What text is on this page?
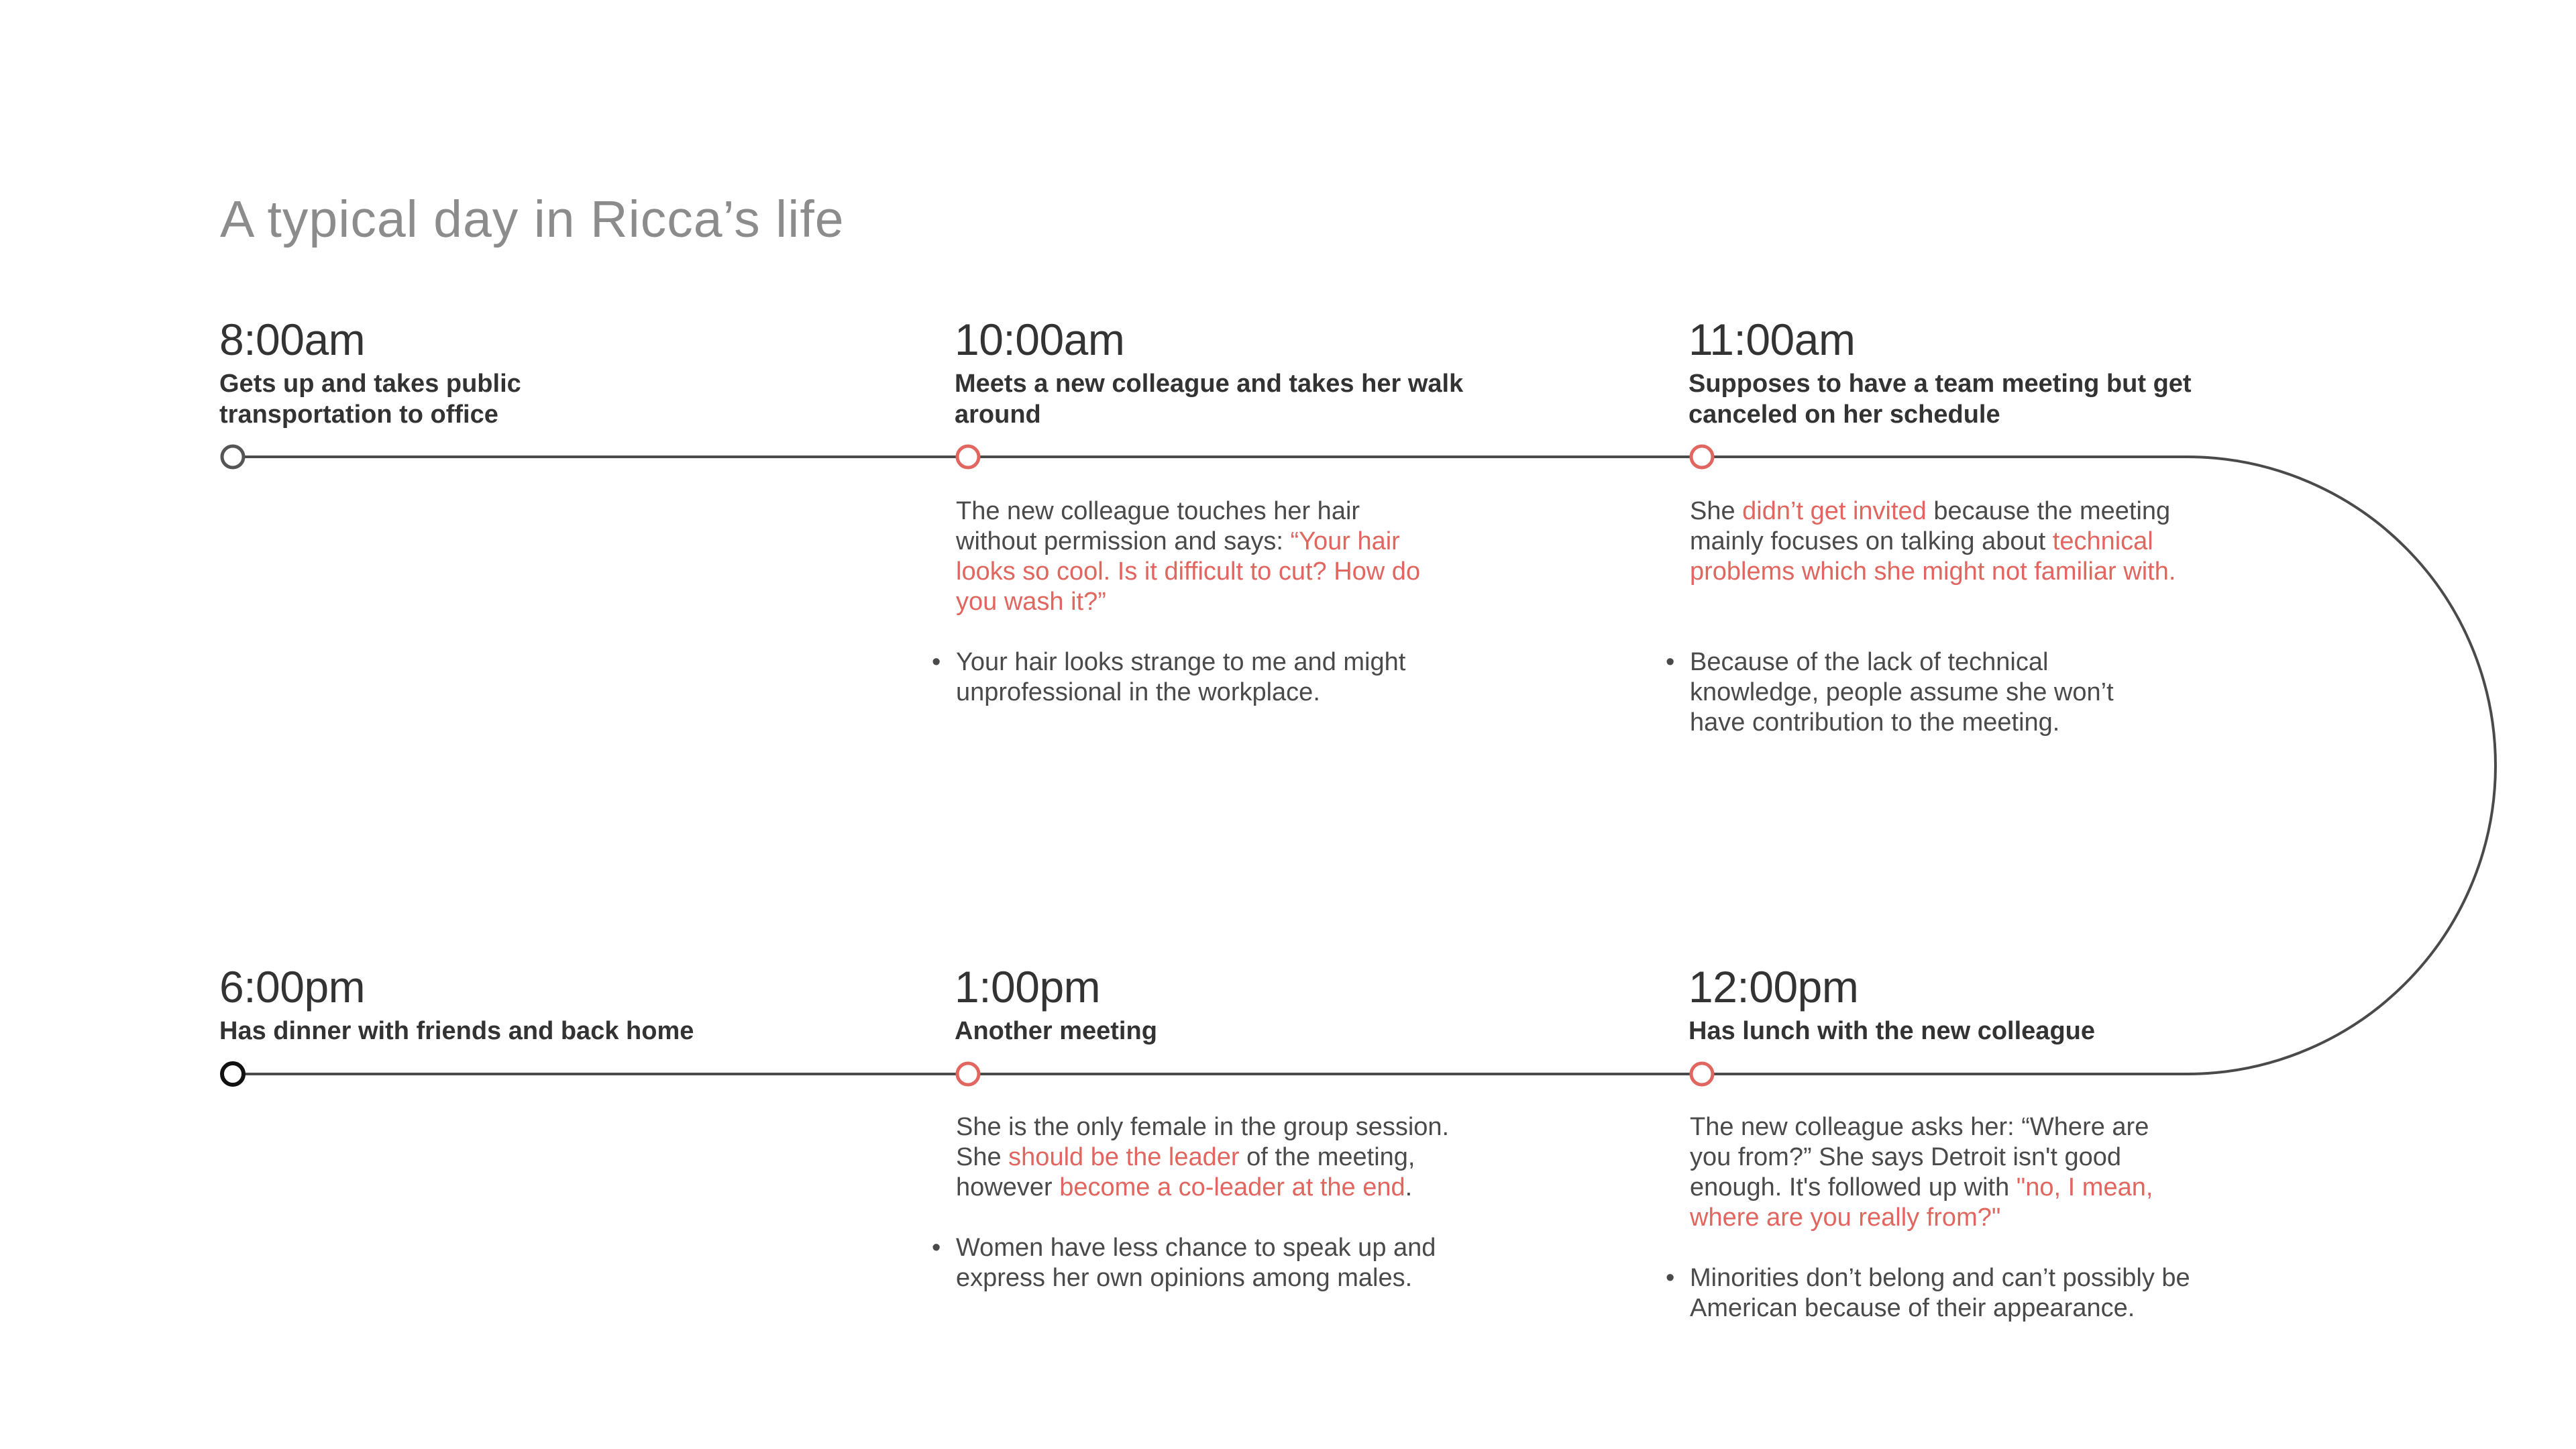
A typical day in Ricca’s life
8:00am
Gets up and takes public transportation to office
10:00am
Meets a new colleague and takes her walk around
The new colleague touches her hair without permission and says: “Your hair looks so cool. Is it difficult to cut? How do you wash it?”
• Your hair looks strange to me and might unprofessional in the workplace.
11:00am
Supposes to have a team meeting but get canceled on her schedule
She didn’t get invited because the meeting mainly focuses on talking about technical problems which she might not familiar with.
• Because of the lack of technical knowledge, people assume she won’t have contribution to the meeting.
6:00pm
Has dinner with friends and back home
1:00pm
Another meeting
She is the only female in the group session. She should be the leader of the meeting, however become a co-leader at the end.
• Women have less chance to speak up and express her own opinions among males.
12:00pm
Has lunch with the new colleague
The new colleague asks her: “Where are you from?” She says Detroit isn't good enough. It's followed up with "no, I mean, where are you really from?"
• Minorities don’t belong and can’t possibly be American because of their appearance.
